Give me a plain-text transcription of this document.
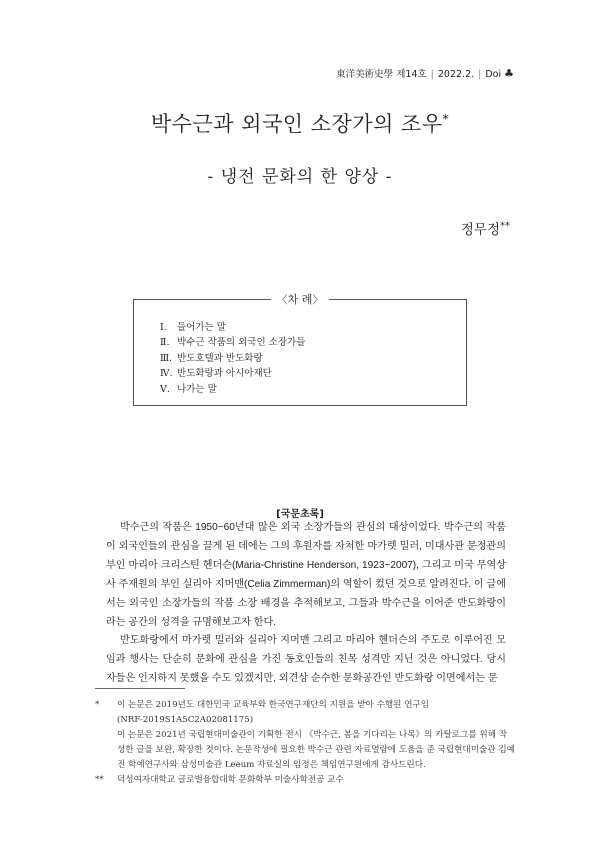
東洋美術史學 제14호 | 2022.2. | Doi ♣
박수근과 외국인 소장가의 조우*
- 냉전 문화의 한 양상 -
정무정**
〈차 례〉
Ⅰ. 들어가는 말
Ⅱ. 박수근 작품의 외국인 소장가들
Ⅲ. 반도호텔과 반도화랑
Ⅳ. 반도화랑과 아시아재단
Ⅴ. 나가는 말
[국문초록]

박수근의 작품은 1950~60년대 많은 외국 소장가들의 관심의 대상이었다. 박수근의 작품이 외국인들의 관심을 끌게 된 데에는 그의 후원자를 자처한 마가렛 밀러, 미대사관 문정관의 부인 마리아 크리스틴 헨더슨(Maria-Christine Henderson, 1923~2007), 그리고 미국 무역상사 주재원의 부인 실리아 지머맨(Celia Zimmerman)의 역할이 컸던 것으로 알려진다. 이 글에서는 외국인 소장가들의 작품 소장 배경을 추적해보고, 그들과 박수근을 이어준 반도화랑이라는 공간의 성격을 규명해보고자 한다.

반도화랑에서 마가렛 밀러와 실리아 지머맨 그리고 마리아 헨더슨의 주도로 이루어진 모임과 행사는 단순히 문화에 관심을 가진 동호인들의 친목 성격만 지닌 것은 아니었다. 당시 자들은 인지하지 못했을 수도 있겠지만, 외견상 순수한 문화공간인 반도화랑 이면에서는 문

* 이 논문은 2019년도 대한민국 교육부와 한국연구재단의 지원을 받아 수행된 연구임

(NRF-2019S1A5C2A02081175)

이 논문은 2021년 국립현대미술관이 기획한 전시 《박수근, 봄을 기다리는 나목》의 카탈로그를 위해 작성한 글을 보완, 확장한 것이다. 논문작성에 필요한 박수근 관련 자료열람에 도움을 준 국립현대미술관 김예진 학예연구사와 삼성미술관 Leeum 자료실의 임정은 책임연구원에게 감사드린다.

** 덕성여자대학교 글로벌융합대학 문화학부 미술사학전공 교수
